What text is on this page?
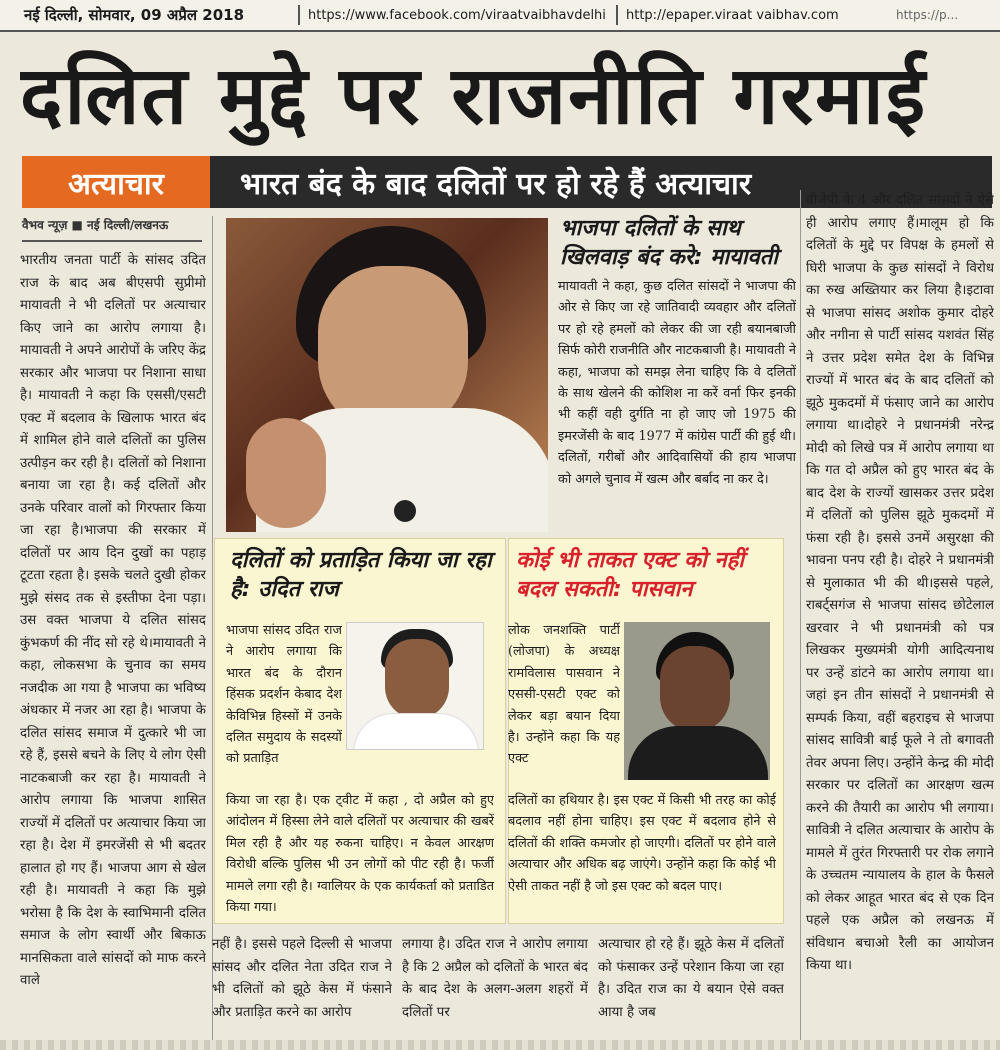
नई दिल्ली, सोमवार, 09 अप्रैल 2018	https://www.facebook.com/viraatvaibhavdelhi http://epaper.viraat vaibhav.com	https://p...
दलित मुद्दे पर राजनीति गरमाई
अत्याचार	भारत बंद के बाद दलितों पर हो रहे हैं अत्याचार
वैभव न्यूज़ ■ नई दिल्ली/लखनऊ
भारतीय जनता पार्टी के सांसद उदित राज के बाद अब बीएसपी सुप्रीमो मायावती ने भी दलितों पर अत्याचार किए जाने का आरोप लगाया है। मायावती ने अपने आरोपों के जरिए केंद्र सरकार और भाजपा पर निशाना साधा है। मायावती ने कहा कि एससी/एसटी एक्ट में बदलाव के खिलाफ भारत बंद में शामिल होने वाले दलितों का पुलिस उत्पीड़न कर रही है। दलितों को निशाना बनाया जा रहा है। कई दलितों और उनके परिवार वालों को गिरफ्तार किया जा रहा है।भाजपा की सरकार में दलितों पर आय दिन दुखों का पहाड़ टूटता रहता है। इसके चलते दुखी होकर मुझे संसद तक से इस्तीफा देना पड़ा। उस वक्त भाजपा ये दलित सांसद कुंभकर्ण की नींद सो रहे थे।मायावती ने कहा, लोकसभा के चुनाव का समय नजदीक आ गया है भाजपा का भविष्य अंधकार में नजर आ रहा है। भाजपा के दलित सांसद समाज में दुत्कारे भी जा रहे हैं, इससे बचने के लिए ये लोग ऐसी नाटकबाजी कर रहा है। मायावती ने आरोप लगाया कि भाजपा शासित राज्यों में दलितों पर अत्याचार किया जा रहा है। देश में इमरजेंसी से भी बदतर हालात हो गए हैं। भाजपा आग से खेल रही है। मायावती ने कहा कि मुझे भरोसा है कि देश के स्वाभिमानी दलित समाज के लोग स्वार्थी और बिकाऊ मानसिकता वाले सांसदों को माफ करने वाले
भाजपा दलितों के साथ खिलवाड़ बंद करे: मायावती
मायावती ने कहा, कुछ दलित सांसदों ने भाजपा की ओर से किए जा रहे जातिवादी व्यवहार और दलितों पर हो रहे हमलों को लेकर की जा रही बयानबाजी सिर्फ कोरी राजनीति और नाटकबाजी है। मायावती ने कहा, भाजपा को समझ लेना चाहिए कि वे दलितों के साथ खेलने की कोशिश ना करें वर्ना फिर इनकी भी कहीं वही दुर्गति ना हो जाए जो 1975 की इमरजेंसी के बाद 1977 में कांग्रेस पार्टी की हुई थी। दलितों, गरीबों और आदिवासियों की हाय भाजपा को अगले चुनाव में खत्म और बर्बाद ना कर दे।
दलितों को प्रताड़ित किया जा रहा है: उदित राज
भाजपा सांसद उदित राज ने आरोप लगाया कि भारत बंद के दौरान हिंसक प्रदर्शन केबाद देश केविभिन्न हिस्सों में उनके दलित समुदाय के सदस्यों को प्रताड़ित
किया जा रहा है। एक ट्वीट में कहा , दो अप्रैल को हुए आंदोलन में हिस्सा लेने वाले दलितों पर अत्याचार की खबरें मिल रही है और यह रुकना चाहिए। न केवल आरक्षण विरोधी बल्कि पुलिस भी उन लोगों को पीट रही है। फर्जी मामले लगा रही है। ग्वालियर के एक कार्यकर्ता को प्रताडित किया गया।
कोई भी ताकत एक्ट को नहीं बदल सकती: पासवान
लोक जनशक्ति पार्टी (लोजपा) के अध्यक्ष रामविलास पासवान ने एससी-एसटी एक्ट को लेकर बड़ा बयान दिया है। उन्होंने कहा कि यह एक्ट
दलितों का हथियार है। इस एक्ट में किसी भी तरह का कोई बदलाव नहीं होना चाहिए। इस एक्ट में बदलाव होने से दलितों की शक्ति कमजोर हो जाएगी। दलितों पर होने वाले अत्याचार और अधिक बढ़ जाएंगे। उन्होंने कहा कि कोई भी ऐसी ताकत नहीं है जो इस एक्ट को बदल पाए।
बीजेपी के 4 और दलित सांसदों ने ऐसे ही आरोप लगाए हैं।मालूम हो कि दलितों के मुद्दे पर विपक्ष के हमलों से घिरी भाजपा के कुछ सांसदों ने विरोध का रुख अख्तियार कर लिया है।इटावा से भाजपा सांसद अशोक कुमार दोहरे और नगीना से पार्टी सांसद यशवंत सिंह ने उत्तर प्रदेश समेत देश के विभिन्न राज्यों में भारत बंद के बाद दलितों को झूठे मुकदमों में फंसाए जाने का आरोप लगाया था।दोहरे ने प्रधानमंत्री नरेन्द्र मोदी को लिखे पत्र में आरोप लगाया था कि गत दो अप्रैल को हुए भारत बंद के बाद देश के राज्यों खासकर उत्तर प्रदेश में दलितों को पुलिस झूठे मुकदमों में फंसा रही है। इससे उनमें असुरक्षा की भावना पनप रही है। दोहरे ने प्रधानमंत्री से मुलाकात भी की थी।इससे पहले, राबर्ट्सगंज से भाजपा सांसद छोटेलाल खरवार ने भी प्रधानमंत्री को पत्र लिखकर मुख्यमंत्री योगी आदित्यनाथ पर उन्हें डांटने का आरोप लगाया था।जहां इन तीन सांसदों ने प्रधानमंत्री से सम्पर्क किया, वहीं बहराइच से भाजपा सांसद सावित्री बाई फूले ने तो बगावती तेवर अपना लिए। उन्होंने केन्द्र की मोदी सरकार पर दलितों का आरक्षण खत्म करने की तैयारी का आरोप भी लगाया।सावित्री ने दलित अत्याचार के आरोप के मामले में तुरंत गिरफ्तारी पर रोक लगाने के उच्चतम न्यायालय के हाल के फैसले को लेकर आहूत भारत बंद से एक दिन पहले एक अप्रैल को लखनऊ में संविधान बचाओ रैली का आयोजन किया था।
नहीं है। इससे पहले दिल्ली से भाजपा सांसद और दलित नेता उदित राज ने भी दलितों को झूठे केस में फंसाने और प्रताड़ित करने का आरोप
लगाया है। उदित राज ने आरोप लगाया है कि 2 अप्रैल को दलितों के भारत बंद के बाद देश के अलग-अलग शहरों में दलितों पर
अत्याचार हो रहे हैं। झूठे केस में दलितों को फंसाकर उन्हें परेशान किया जा रहा है। उदित राज का ये बयान ऐसे वक्त आया है जब
